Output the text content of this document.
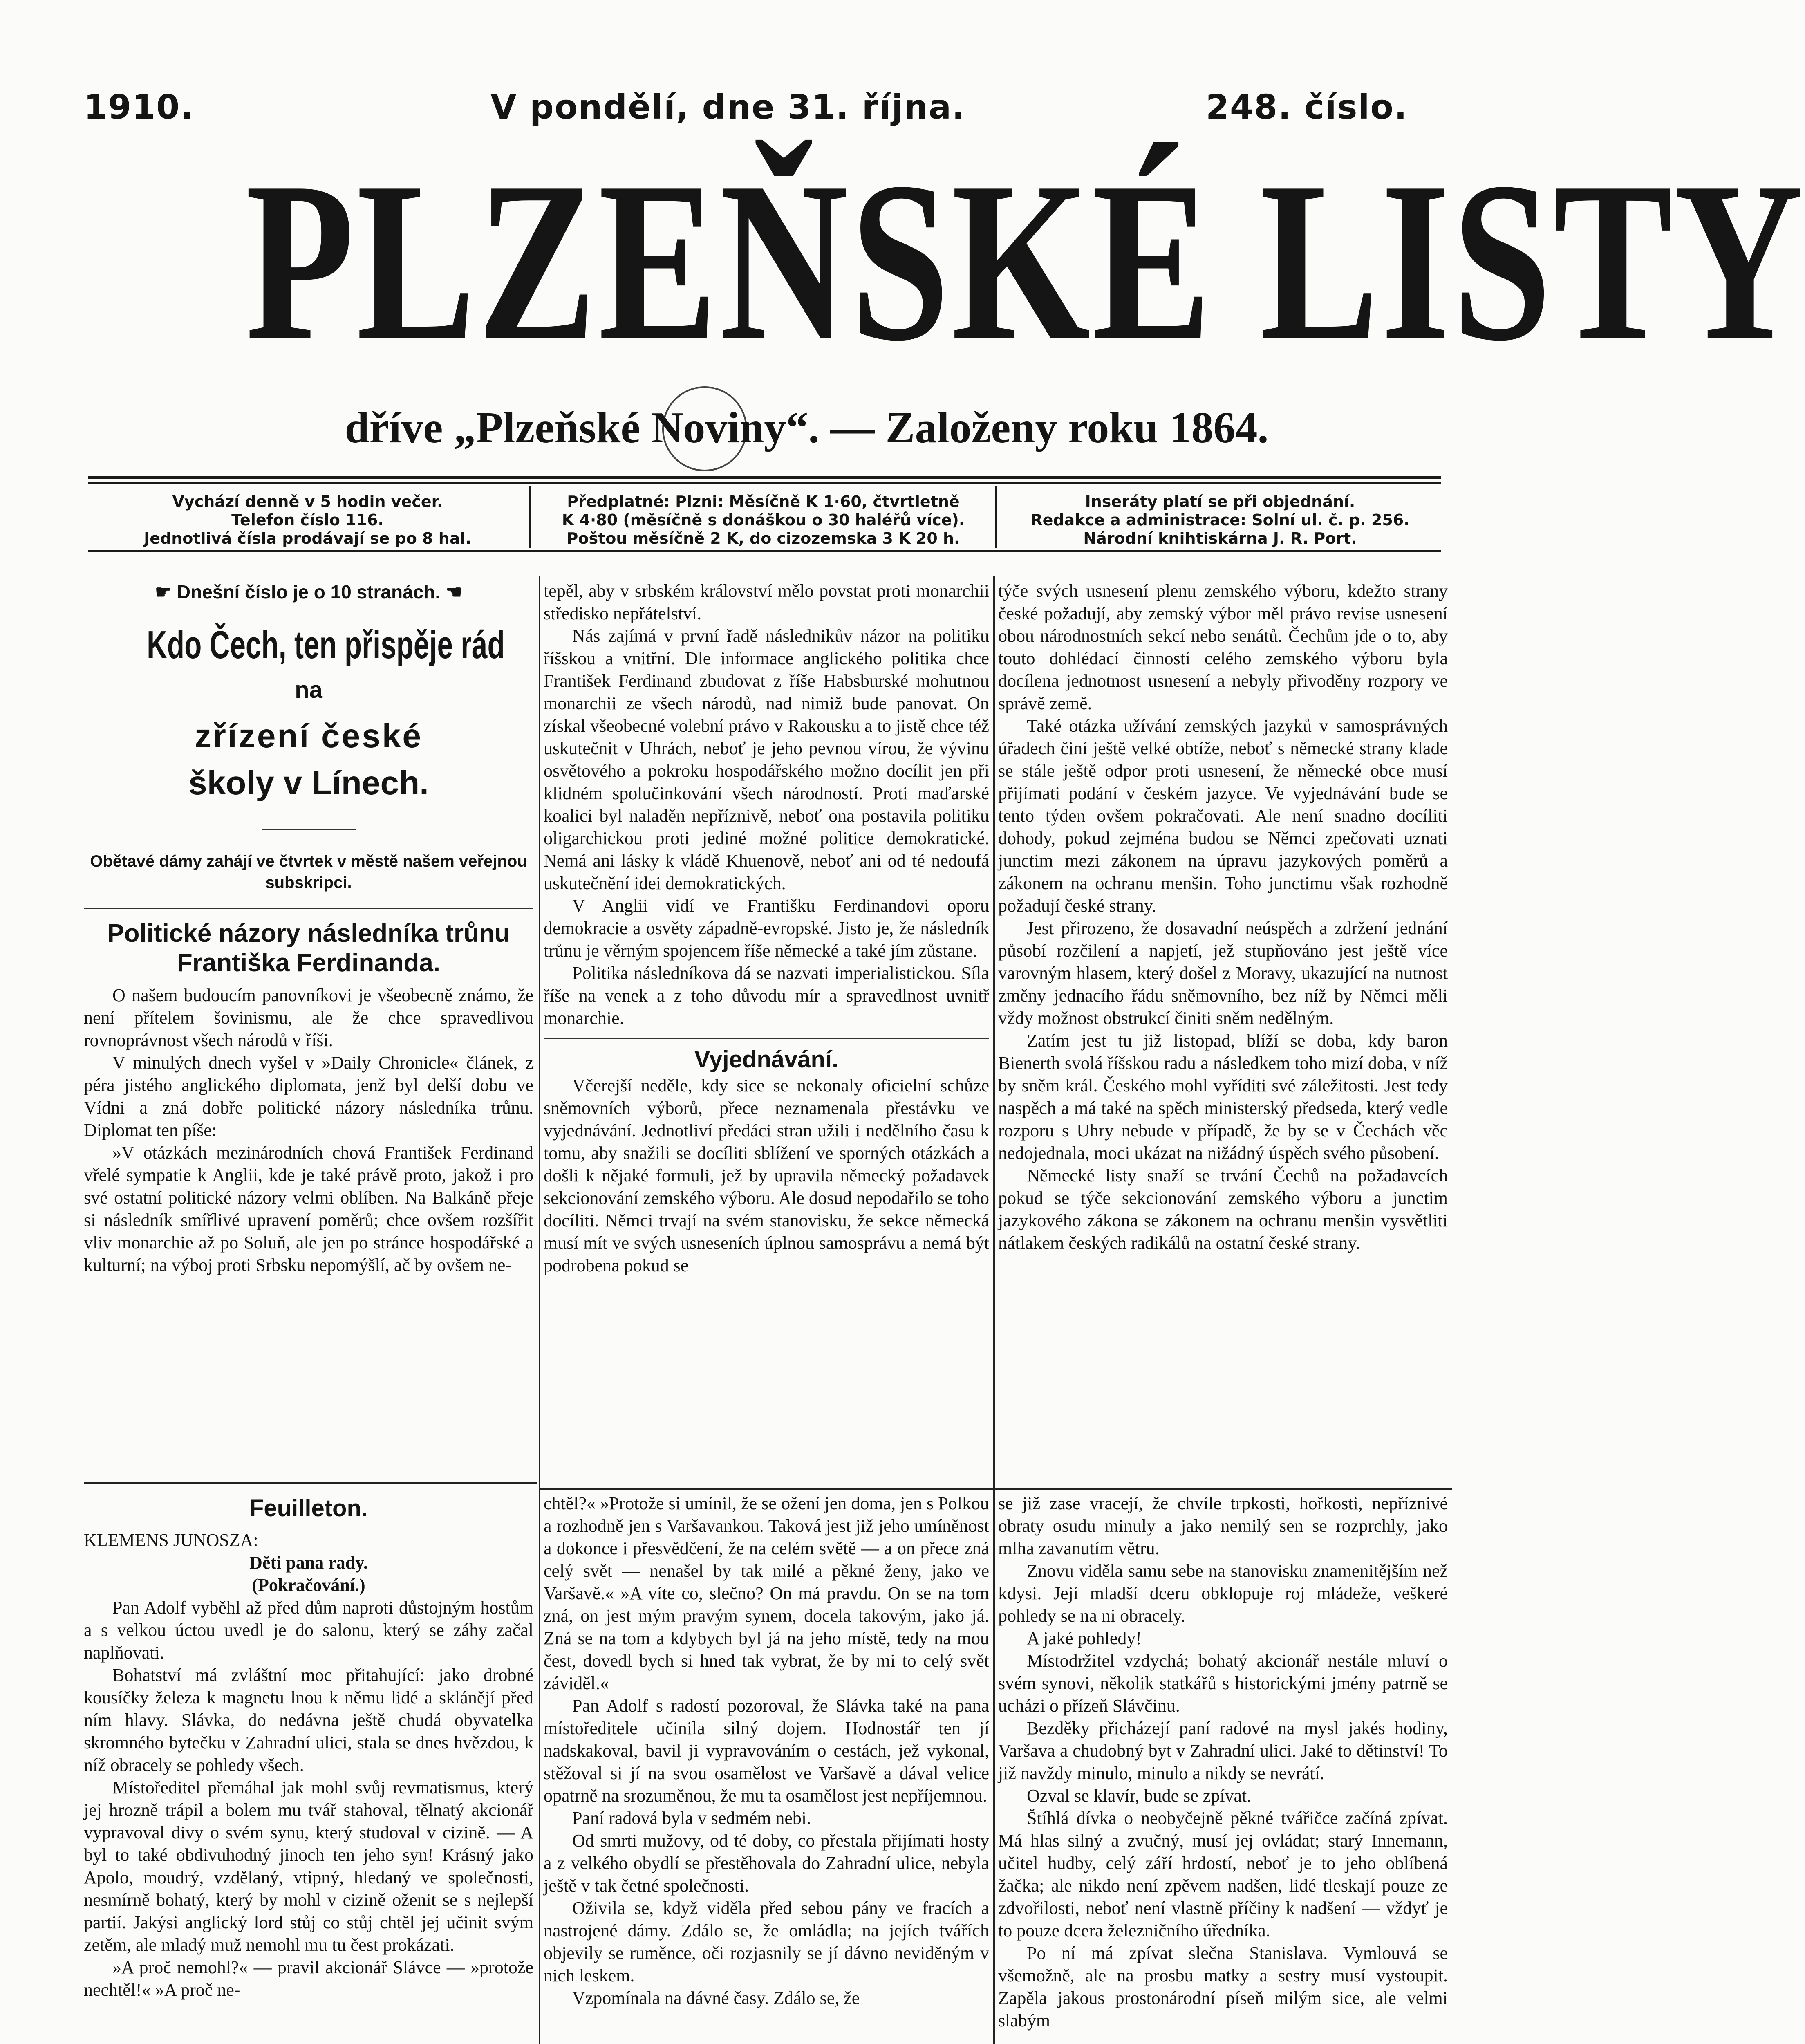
1910.	V pondělí, dne 31. října.	248. číslo.
PLZEŇSKÉ LISTY
dříve „Plzeňské Noviny“. — Založeny roku 1864.
Vychází denně v 5 hodin večer.
Telefon číslo 116.
Jednotlivá čísla prodávají se po 8 hal.
Předplatné: Plzni: Měsíčně K 1·60, čtvrtletně
K 4·80 (měsíčně s donáškou o 30 haléřů více).
Poštou měsíčně 2 K, do cizozemska 3 K 20 h.
Inseráty platí se při objednání.
Redakce a administrace: Solní ul. č. p. 256.
Národní knihtiskárna J. R. Port.
☛ Dnešní číslo je o 10 stranách. ☚
Kdo Čech, ten přispěje rád
na
zřízení české
školy v Línech.
Obětavé dámy zahájí ve čtvrtek v městě našem veřejnou subskripci.
Politické názory následníka trůnu Františka Ferdinanda.

O našem budoucím panovníkovi je všeobecně známo, že není přítelem šovinismu, ale že chce spravedlivou rovnoprávnost všech národů v říši.

V minulých dnech vyšel v »Daily Chronicle« článek, z péra jistého anglického diplomata, jenž byl delší dobu ve Vídni a zná dobře politické názory následníka trůnu. Diplomat ten píše:

»V otázkách mezinárodních chová František Ferdinand vřelé sympatie k Anglii, kde je také právě proto, jakož i pro své ostatní politické názory velmi oblíben. Na Balkáně přeje si následník smířlivé upravení poměrů; chce ovšem rozšířit vliv monarchie až po Soluň, ale jen po stránce hospodářské a kulturní; na výboj proti Srbsku nepomýšlí, ač by ovšem ne-

Feuilleton.

KLEMENS JUNOSZA:

Děti pana rady.

(Pokračování.)

Pan Adolf vyběhl až před dům naproti důstojným hostům a s velkou úctou uvedl je do salonu, který se záhy začal naplňovati.

Bohatství má zvláštní moc přitahující: jako drobné kousíčky železa k magnetu lnou k němu lidé a sklánějí před ním hlavy. Slávka, do nedávna ještě chudá obyvatelka skromného bytečku v Zahradní ulici, stala se dnes hvězdou, k níž obracely se pohledy všech.

Místoředitel přemáhal jak mohl svůj revmatismus, který jej hrozně trápil a bolem mu tvář stahoval, tělnatý akcionář vypravoval divy o svém synu, který studoval v cizině. — A byl to také obdivuhodný jinoch ten jeho syn! Krásný jako Apolo, moudrý, vzdělaný, vtipný, hledaný ve společnosti, nesmírně bohatý, který by mohl v cizině oženit se s nejlepší partií. Jakýsi anglický lord stůj co stůj chtěl jej učinit svým zetěm, ale mladý muž nemohl mu tu čest prokázati.

»A proč nemohl?« — pravil akcionář Slávce — »protože nechtěl!« »A proč ne-

tepěl, aby v srbském království mělo povstat proti monarchii středisko nepřátelství.

Nás zajímá v první řadě následnikův názor na politiku říšskou a vnitřní. Dle informace anglického politika chce František Ferdinand zbudovat z říše Habsburské mohutnou monarchii ze všech národů, nad nimiž bude panovat. On získal všeobecné volební právo v Rakousku a to jistě chce též uskutečnit v Uhrách, neboť je jeho pevnou vírou, že vývinu osvětového a pokroku hospodářského možno docílit jen při klidném spolučinkování všech národností. Proti maďarské koalici byl naladěn nepříznivě, neboť ona postavila politiku oligarchickou proti jediné možné politice demokratické. Nemá ani lásky k vládě Khuenově, neboť ani od té nedoufá uskutečnění idei demokratických.

V Anglii vidí ve Františku Ferdinandovi oporu demokracie a osvěty západně-evropské. Jisto je, že následník trůnu je věrným spojencem říše německé a také jím zůstane.

Politika následníkova dá se nazvati imperialistickou. Síla říše na venek a z toho důvodu mír a spravedlnost uvnitř monarchie.

Vyjednávání.

Včerejší neděle, kdy sice se nekonaly oficielní schůze sněmovních výborů, přece neznamenala přestávku ve vyjednávání. Jednotliví předáci stran užili i nedělního času k tomu, aby snažili se docíliti sblížení ve sporných otázkách a došli k nějaké formuli, jež by upravila německý požadavek sekcionování zemského výboru. Ale dosud nepodařilo se toho docíliti. Němci trvají na svém stanovisku, že sekce německá musí mít ve svých usneseních úplnou samosprávu a nemá být podrobena pokud se

chtěl?« »Protože si umínil, že se ožení jen doma, jen s Polkou a rozhodně jen s Varšavankou. Taková jest již jeho umíněnost a dokonce i přesvědčení, že na celém světě — a on přece zná celý svět — nenašel by tak milé a pěkné ženy, jako ve Varšavě.« »A víte co, slečno? On má pravdu. On se na tom zná, on jest mým pravým synem, docela takovým, jako já. Zná se na tom a kdybych byl já na jeho místě, tedy na mou čest, dovedl bych si hned tak vybrat, že by mi to celý svět záviděl.«

Pan Adolf s radostí pozoroval, že Slávka také na pana místoředitele učinila silný dojem. Hodnostář ten jí nadskakoval, bavil ji vypravováním o cestách, jež vykonal, stěžoval si jí na svou osamělost ve Varšavě a dával velice opatrně na srozuměnou, že mu ta osamělost jest nepříjemnou.

Paní radová byla v sedmém nebi.

Od smrti mužovy, od té doby, co přestala přijímati hosty a z velkého obydlí se přestěhovala do Zahradní ulice, nebyla ještě v tak četné společnosti.

Oživila se, když viděla před sebou pány ve fracích a nastrojené dámy. Zdálo se, že omládla; na jejích tvářích objevily se ruměnce, oči rozjasnily se jí dávno neviděným v nich leskem.

Vzpomínala na dávné časy. Zdálo se, že

týče svých usnesení plenu zemského výboru, kdežto strany české požadují, aby zemský výbor měl právo revise usnesení obou národnostních sekcí nebo senátů. Čechům jde o to, aby touto dohlédací činností celého zemského výboru byla docílena jednotnost usnesení a nebyly přivoděny rozpory ve správě země.

Také otázka užívání zemských jazyků v samosprávných úřadech činí ještě velké obtíže, neboť s německé strany klade se stále ještě odpor proti usnesení, že německé obce musí přijímati podání v českém jazyce. Ve vyjednávání bude se tento týden ovšem pokračovati. Ale není snadno docíliti dohody, pokud zejména budou se Němci zpečovati uznati junctim mezi zákonem na úpravu jazykových poměrů a zákonem na ochranu menšin. Toho junctimu však rozhodně požadují české strany.

Jest přirozeno, že dosavadní neúspěch a zdržení jednání působí rozčilení a napjetí, jež stupňováno jest ještě více varovným hlasem, který došel z Moravy, ukazující na nutnost změny jednacího řádu sněmovního, bez níž by Němci měli vždy možnost obstrukcí činiti sněm nedělným.

Zatím jest tu již listopad, blíží se doba, kdy baron Bienerth svolá říšskou radu a následkem toho mizí doba, v níž by sněm král. Českého mohl vyříditi své záležitosti. Jest tedy naspěch a má také na spěch ministerský předseda, který vedle rozporu s Uhry nebude v případě, že by se v Čechách věc nedojednala, moci ukázat na nižádný úspěch svého působení.

Německé listy snaží se trvání Čechů na požadavcích pokud se týče sekcionování zemského výboru a junctim jazykového zákona se zákonem na ochranu menšin vysvětliti nátlakem českých radikálů na ostatní české strany.

se již zase vracejí, že chvíle trpkosti, hořkosti, nepříznivé obraty osudu minuly a jako nemilý sen se rozprchly, jako mlha zavanutím větru.

Znovu viděla samu sebe na stanovisku znamenitějším než kdysi. Její mladší dceru obklopuje roj mládeže, veškeré pohledy se na ni obracely.

A jaké pohledy!

Místodržitel vzdychá; bohatý akcionář nestále mluví o svém synovi, několik statkářů s historickými jmény patrně se ucházi o přízeň Slávčinu.

Bezděky přicházejí paní radové na mysl jakés hodiny, Varšava a chudobný byt v Zahradní ulici. Jaké to dětinství! To již navždy minulo, minulo a nikdy se nevrátí.

Ozval se klavír, bude se zpívat.

Štíhlá dívka o neobyčejně pěkné tvářičce začíná zpívat. Má hlas silný a zvučný, musí jej ovládat; starý Innemann, učitel hudby, celý září hrdostí, neboť je to jeho oblíbená žačka; ale nikdo není zpěvem nadšen, lidé tleskají pouze ze zdvořilosti, neboť není vlastně příčiny k nadšení — vždyť je to pouze dcera železničního úředníka.

Po ní má zpívat slečna Stanislava. Vymlouvá se všemožně, ale na prosbu matky a sestry musí vystoupit. Zapěla jakous prostonárodní píseň milým sice, ale velmi slabým
